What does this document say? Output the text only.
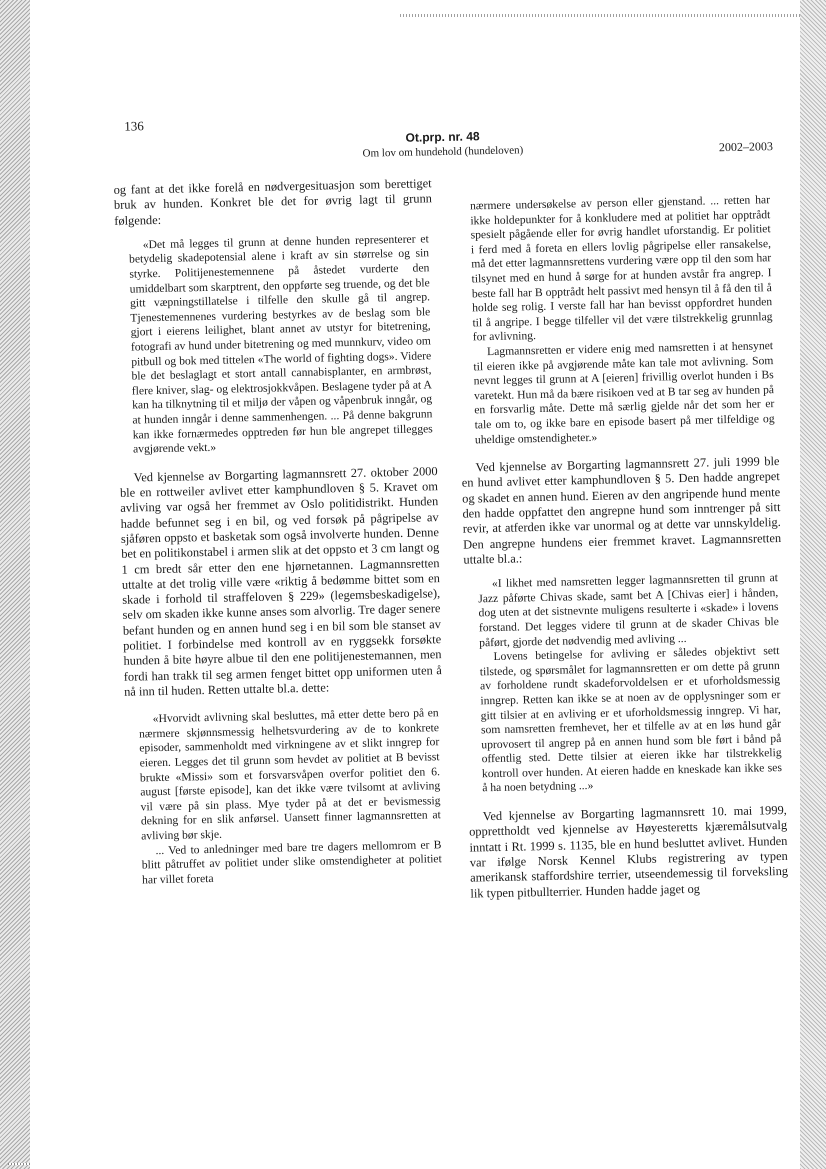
136
Ot.prp. nr. 48
Om lov om hundehold (hundeloven)	2002–2003

og fant at det ikke forelå en nødvergesituasjon som berettiget bruk av hunden. Konkret ble det for øvrig lagt til grunn følgende:

«Det må legges til grunn at denne hunden representerer et betydelig skadepotensial alene i kraft av sin størrelse og sin styrke. Politijenestemennene på åstedet vurderte den umiddelbart som skarptrent, den oppførte seg truende, og det ble gitt væpningstillatelse i tilfelle den skulle gå til angrep. Tjenestemennenes vurdering bestyrkes av de beslag som ble gjort i eierens leilighet, blant annet av utstyr for bitetrening, fotografi av hund under bitetrening og med munnkurv, video om pitbull og bok med tittelen «The world of fighting dogs». Videre ble det beslaglagt et stort antall cannabisplanter, en armbrøst, flere kniver, slag- og elektrosjokkvåpen. Beslagene tyder på at A kan ha tilknytning til et miljø der våpen og våpenbruk inngår, og at hunden inngår i denne sammenhengen. ... På denne bakgrunn kan ikke fornærmedes opptreden før hun ble angrepet tillegges avgjørende vekt.»

Ved kjennelse av Borgarting lagmannsrett 27. oktober 2000 ble en rottweiler avlivet etter kamphundloven § 5. Kravet om avliving var også her fremmet av Oslo politidistrikt. Hunden hadde befunnet seg i en bil, og ved forsøk på pågripelse av sjåføren oppsto et basketak som også involverte hunden. Denne bet en politikonstabel i armen slik at det oppsto et 3 cm langt og 1 cm bredt sår etter den ene hjørnetannen. Lagmannsretten uttalte at det trolig ville være «riktig å bedømme bittet som en skade i forhold til straffeloven § 229» (legemsbeskadigelse), selv om skaden ikke kunne anses som alvorlig. Tre dager senere befant hunden og en annen hund seg i en bil som ble stanset av politiet. I forbindelse med kontroll av en ryggsekk forsøkte hunden å bite høyre albue til den ene politijenestemannen, men fordi han trakk til seg armen fenget bittet opp uniformen uten å nå inn til huden. Retten uttalte bl.a. dette:

«Hvorvidt avlivning skal besluttes, må etter dette bero på en nærmere skjønnsmessig helhetsvurdering av de to konkrete episoder, sammenholdt med virkningene av et slikt inngrep for eieren. Legges det til grunn som hevdet av politiet at B bevisst brukte «Missi» som et forsvarsvåpen overfor politiet den 6. august [første episode], kan det ikke være tvilsomt at avliving vil være på sin plass. Mye tyder på at det er bevismessig dekning for en slik anførsel. Uansett finner lagmannsretten at avliving bør skje.

... Ved to anledninger med bare tre dagers mellomrom er B blitt påtruffet av politiet under slike omstendigheter at politiet har villet foreta

nærmere undersøkelse av person eller gjenstand. ... retten har ikke holdepunkter for å konkludere med at politiet har opptrådt spesielt pågående eller for øvrig handlet uforstandig. Er politiet i ferd med å foreta en ellers lovlig pågripelse eller ransakelse, må det etter lagmannsrettens vurdering være opp til den som har tilsynet med en hund å sørge for at hunden avstår fra angrep. I beste fall har B opptrådt helt passivt med hensyn til å få den til å holde seg rolig. I verste fall har han bevisst oppfordret hunden til å angripe. I begge tilfeller vil det være tilstrekkelig grunnlag for avlivning.

Lagmannsretten er videre enig med namsretten i at hensynet til eieren ikke på avgjørende måte kan tale mot avlivning. Som nevnt legges til grunn at A [eieren] frivillig overlot hunden i Bs varetekt. Hun må da bære risikoen ved at B tar seg av hunden på en forsvarlig måte. Dette må særlig gjelde når det som her er tale om to, og ikke bare en episode basert på mer tilfeldige og uheldige omstendigheter.»

Ved kjennelse av Borgarting lagmannsrett 27. juli 1999 ble en hund avlivet etter kamphundloven § 5. Den hadde angrepet og skadet en annen hund. Eieren av den angripende hund mente den hadde oppfattet den angrepne hund som inntrenger på sitt revir, at atferden ikke var unormal og at dette var unnskyldelig. Den angrepne hundens eier fremmet kravet. Lagmannsretten uttalte bl.a.:

«I likhet med namsretten legger lagmannsretten til grunn at Jazz påførte Chivas skade, samt bet A [Chivas eier] i hånden, dog uten at det sistnevnte muligens resulterte i «skade» i lovens forstand. Det legges videre til grunn at de skader Chivas ble påført, gjorde det nødvendig med avliving ...

Lovens betingelse for avliving er således objektivt sett tilstede, og spørsmålet for lagmannsretten er om dette på grunn av forholdene rundt skadeforvoldelsen er et uforholdsmessig inngrep. Retten kan ikke se at noen av de opplysninger som er gitt tilsier at en avliving er et uforholdsmessig inngrep. Vi har, som namsretten fremhevet, her et tilfelle av at en løs hund går uprovosert til angrep på en annen hund som ble ført i bånd på offentlig sted. Dette tilsier at eieren ikke har tilstrekkelig kontroll over hunden. At eieren hadde en kneskade kan ikke ses å ha noen betydning ...»

Ved kjennelse av Borgarting lagmannsrett 10. mai 1999, opprettholdt ved kjennelse av Høyesteretts kjæremålsutvalg inntatt i Rt. 1999 s. 1135, ble en hund besluttet avlivet. Hunden var ifølge Norsk Kennel Klubs registrering av typen amerikansk staffordshire terrier, utseendemessig til forveksling lik typen pitbullterrier. Hunden hadde jaget og
